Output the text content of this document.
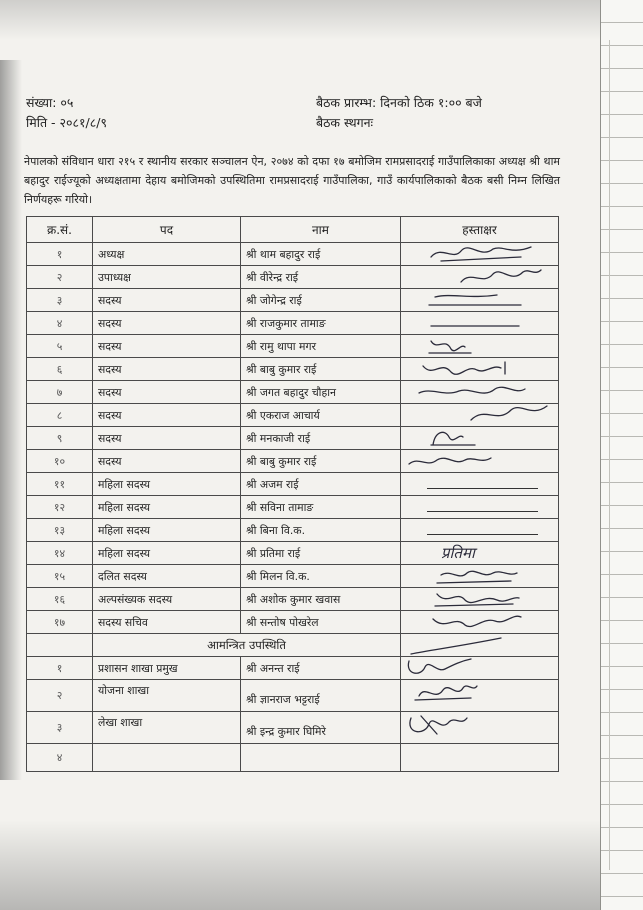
संख्या: ०५
मिति - २०८१/८/९
बैठक प्रारम्भ: दिनको ठिक १:०० बजे
बैठक स्थगनः
नेपालको संविधान धारा २१५ र स्थानीय सरकार सञ्चालन ऐन, २०७४ को दफा १७ बमोजिम रामप्रसादराई गाउँपालिकाका अध्यक्ष श्री थाम बहादुर राईज्यूको अध्यक्षतामा देहाय बमोजिमको उपस्थितिमा रामप्रसादराई गाउँपालिका, गाउँ कार्यपालिकाको बैठक बसी निम्न लिखित निर्णयहरू गरियो।
क्र.सं.	पद	नाम	हस्ताक्षर
१	अध्यक्ष	श्री थाम बहादुर राई	

२	उपाध्यक्ष	श्री वीरेन्द्र राई	

३	सदस्य	श्री जोगेन्द्र राई	

४	सदस्य	श्री राजकुमार तामाङ	

५	सदस्य	श्री रामु थापा मगर	

६	सदस्य	श्री बाबु कुमार राई	

७	सदस्य	श्री जगत बहादुर चौहान	

८	सदस्य	श्री एकराज आचार्य	

९	सदस्य	श्री मनकाजी राई	

१०	सदस्य	श्री बाबु कुमार राई	

११	महिला सदस्य	श्री अजम राई	

१२	महिला सदस्य	श्री सविना तामाङ	

१३	महिला सदस्य	श्री बिना वि.क.	

१४	महिला सदस्य	श्री प्रतिमा राई	प्रतिमा

१५	दलित सदस्य	श्री मिलन वि.क.	

१६	अल्पसंख्यक सदस्य	श्री अशोक कुमार खवास	

१७	सदस्य सचिव	श्री सन्तोष पोखरेल	

	आमन्त्रित उपस्थिति	

१	प्रशासन शाखा प्रमुख	श्री अनन्त राई	

२	योजना शाखा	श्री ज्ञानराज भट्टराई	

३	लेखा शाखा	श्री इन्द्र कुमार घिमिरे	

४			
